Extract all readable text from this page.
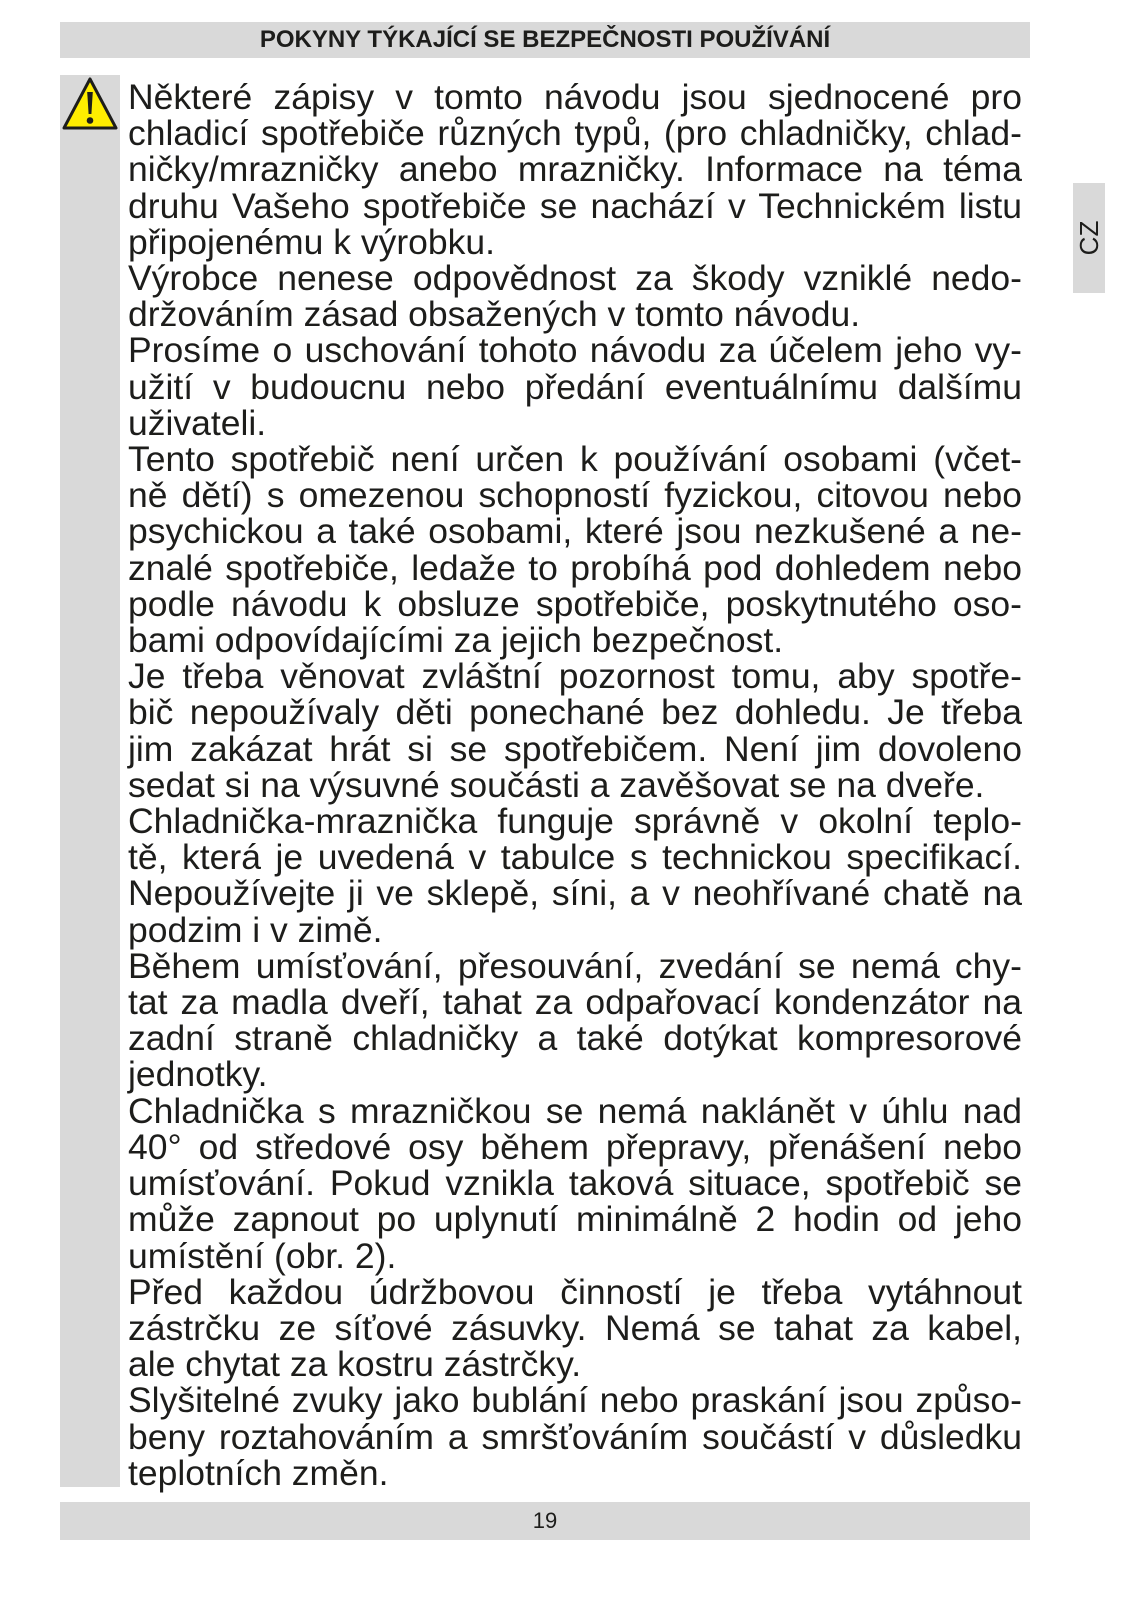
POKYNY TÝKAJÍCÍ SE BEZPEČNOSTI POUŽÍVÁNÍ
CZ
Některé zápisy v tomto návodu jsou sjednocené pro
chladicí spotřebiče různých typů, (pro chladničky, chlad-
ničky/mrazničky anebo mrazničky. Informace na téma
druhu Vašeho spotřebiče se nachází v Technickém listu
připojenému k výrobku.
Výrobce nenese odpovědnost za škody vzniklé nedo-
držováním zásad obsažených v tomto návodu.
Prosíme o uschování tohoto návodu za účelem jeho vy-
užití v budoucnu nebo předání eventuálnímu dalšímu
uživateli.
Tento spotřebič není určen k používání osobami (včet-
ně dětí) s omezenou schopností fyzickou, citovou nebo
psychickou a také osobami, které jsou nezkušené a ne-
znalé spotřebiče, ledaže to probíhá pod dohledem nebo
podle návodu k obsluze spotřebiče, poskytnutého oso-
bami odpovídajícími za jejich bezpečnost.
Je třeba věnovat zvláštní pozornost tomu, aby spotře-
bič nepoužívaly děti ponechané bez dohledu. Je třeba
jim zakázat hrát si se spotřebičem. Není jim dovoleno
sedat si na výsuvné součásti a zavěšovat se na dveře.
Chladnička-mraznička funguje správně v okolní teplo-
tě, která je uvedená v tabulce s technickou specifikací.
Nepoužívejte ji ve sklepě, síni, a v neohřívané chatě na
podzim i v zimě.
Během umísťování, přesouvání, zvedání se nemá chy-
tat za madla dveří, tahat za odpařovací kondenzátor na
zadní straně chladničky a také dotýkat kompresorové
jednotky.
Chladnička s mrazničkou se nemá naklánět v úhlu nad
40° od středové osy během přepravy, přenášení nebo
umísťování. Pokud vznikla taková situace, spotřebič se
může zapnout po uplynutí minimálně 2 hodin od jeho
umístění (obr. 2).
Před každou údržbovou činností je třeba vytáhnout
zástrčku ze síťové zásuvky. Nemá se tahat za kabel,
ale chytat za kostru zástrčky.
Slyšitelné zvuky jako bublání nebo praskání jsou způso-
beny roztahováním a smršťováním součástí v důsledku
teplotních změn.
19
